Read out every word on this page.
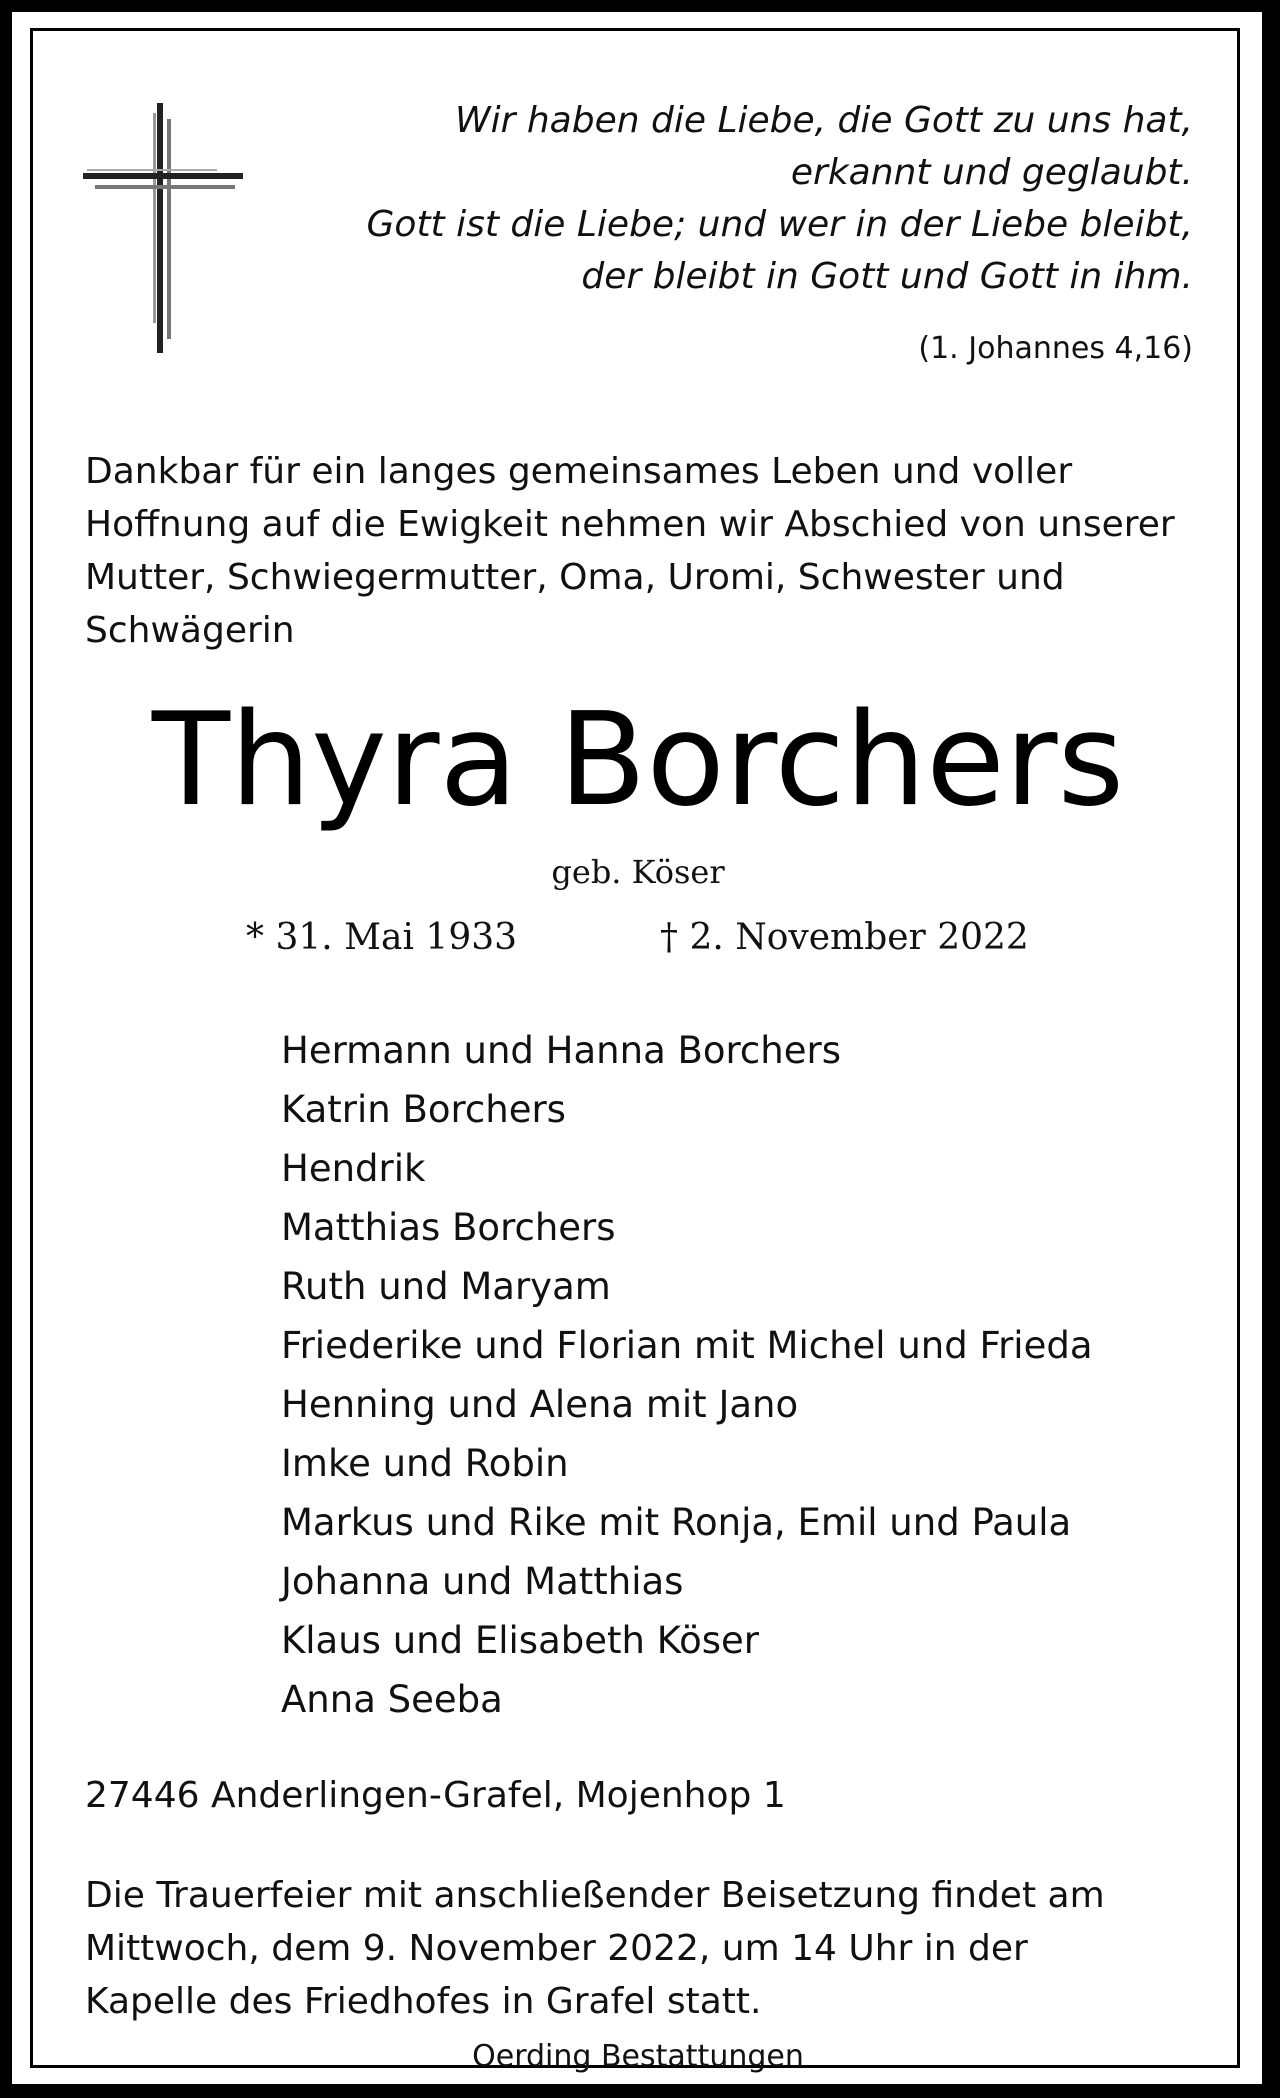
Wir haben die Liebe, die Gott zu uns hat,
erkannt und geglaubt.
Gott ist die Liebe; und wer in der Liebe bleibt,
der bleibt in Gott und Gott in ihm.
(1. Johannes 4,16)
Dankbar für ein langes gemeinsames Leben und voller
Hoffnung auf die Ewigkeit nehmen wir Abschied von unserer
Mutter, Schwiegermutter, Oma, Uromi, Schwester und
Schwägerin
Thyra Borchers
geb. Köser
* 31. Mai 1933	† 2. November 2022
Hermann und Hanna Borchers
Katrin Borchers
Hendrik
Matthias Borchers
Ruth und Maryam
Friederike und Florian mit Michel und Frieda
Henning und Alena mit Jano
Imke und Robin
Markus und Rike mit Ronja, Emil und Paula
Johanna und Matthias
Klaus und Elisabeth Köser
Anna Seeba
27446 Anderlingen-Grafel, Mojenhop 1
Die Trauerfeier mit anschließender Beisetzung findet am
Mittwoch, dem 9. November 2022, um 14 Uhr in der
Kapelle des Friedhofes in Grafel statt.
Oerding Bestattungen
